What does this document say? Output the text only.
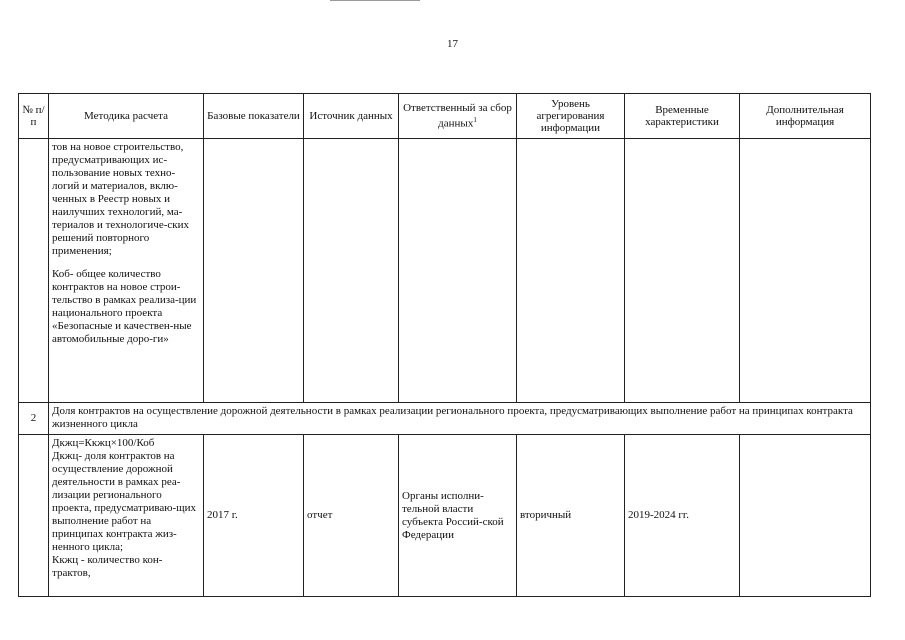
17
№ п/п	Методика расчета	Базовые показатели	Источник данных	Ответственный за сбор данных$^1$	Уровень агрегирования информации	Временные характеристики	Дополнительная информация

	тов на новое строительство, предусматривающих ис-пользование новых техно-логий и материалов, вклю-ченных в Реестр новых и наилучших технологий, ма-териалов и технологиче-ских решений повторного применения;
Коб- общее количество контрактов на новое строи-тельство в рамках реализа-ции национального проекта «Безопасные и качествен-ные автомобильные доро-ги»						

2	Доля контрактов на осуществление дорожной деятельности в рамках реализации регионального проекта, предусматривающих выполнение работ на принципах контракта жизненного цикла						
	Дкжц=Ккжц×100/Коб
Дкжц- доля контрактов на осуществление дорожной деятельности в рамках реа-лизации регионального проекта, предусматриваю-щих выполнение работ на принципах контракта жиз-ненного цикла;
Ккжц - количество кон-трактов,	2017 г.	отчет	Органы исполни-тельной власти субъекта Россий-ской Федерации	вторичный	2019-2024 гг.	
